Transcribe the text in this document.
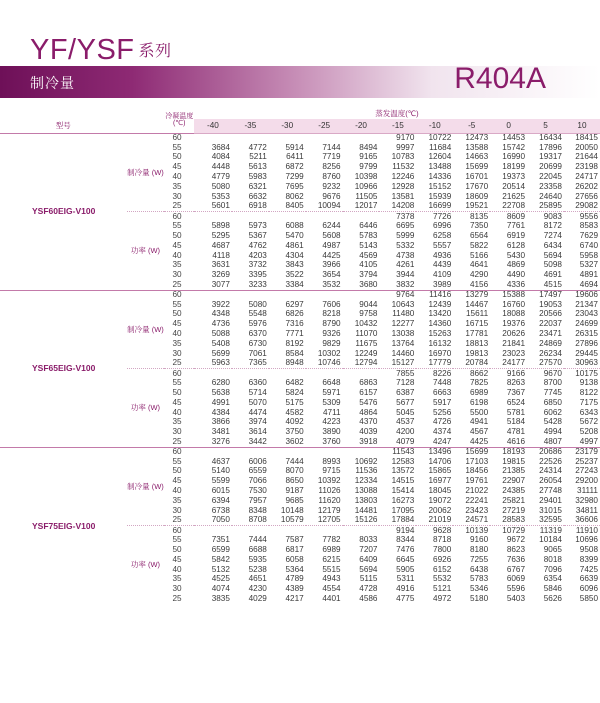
YF/YSF 系列
制冷量	R404A
		冷凝温度 (℃)	蒸发温度(℃)										
型号			-40	-35	-30	-25	-20	-15	-10	-5	0	5	10
YSF60EIG-V100	制冷量 (W)	60						9170	10722	12473	14453	16434	18415
		55	3684	4772	5914	7144	8494	9997	11684	13588	15742	17896	20050
		50	4084	5211	6411	7719	9165	10783	12604	14663	16990	19317	21644
		45	4448	5613	6872	8256	9799	11532	13488	15699	18199	20699	23198
		40	4779	5983	7299	8760	10398	12246	14336	16701	19373	22045	24717
		35	5080	6321	7695	9232	10966	12928	15152	17670	20514	23358	26202
		30	5353	6632	8062	9676	11505	13581	15939	18609	21625	24640	27656
		25	5601	6918	8405	10094	12017	14208	16699	19521	22708	25895	29082
	功率 (W)	60						7378	7726	8135	8609	9083	9556
		55	5898	5973	6088	6244	6446	6695	6996	7350	7761	8172	8583
		50	5295	5367	5470	5608	5783	5999	6258	6564	6919	7274	7629
		45	4687	4762	4861	4987	5143	5332	5557	5822	6128	6434	6740
		40	4118	4203	4304	4425	4569	4738	4936	5166	5430	5694	5958
		35	3631	3732	3843	3966	4105	4261	4439	4641	4869	5098	5327
		30	3269	3395	3522	3654	3794	3944	4109	4290	4490	4691	4891
		25	3077	3233	3384	3532	3680	3832	3989	4156	4336	4515	4694
YSF65EIG-V100	制冷量 (W)	60						9764	11416	13279	15388	17497	19606
		55	3922	5080	6297	7606	9044	10643	12439	14467	16760	19053	21347
		50	4348	5548	6826	8218	9758	11480	13420	15611	18088	20566	23043
		45	4736	5976	7316	8790	10432	12277	14360	16715	19376	22037	24699
		40	5088	6370	7771	9326	11070	13038	15263	17781	20626	23471	26315
		35	5408	6730	8192	9829	11675	13764	16132	18813	21841	24869	27896
		30	5699	7061	8584	10302	12249	14460	16970	19813	23023	26234	29445
		25	5963	7365	8948	10746	12794	15127	17779	20784	24177	27570	30963
	功率 (W)	60						7855	8226	8662	9166	9670	10175
		55	6280	6360	6482	6648	6863	7128	7448	7825	8263	8700	9138
		50	5638	5714	5824	5971	6157	6387	6663	6989	7367	7745	8122
		45	4991	5070	5175	5309	5476	5677	5917	6198	6524	6850	7175
		40	4384	4474	4582	4711	4864	5045	5256	5500	5781	6062	6343
		35	3866	3974	4092	4223	4370	4537	4726	4941	5184	5428	5672
		30	3481	3614	3750	3890	4039	4200	4374	4567	4781	4994	5208
		25	3276	3442	3602	3760	3918	4079	4247	4425	4616	4807	4997
YSF75EIG-V100	制冷量 (W)	60						11543	13496	15699	18193	20686	23179
		55	4637	6006	7444	8993	10692	12583	14706	17103	19815	22526	25237
		50	5140	6559	8070	9715	11536	13572	15865	18456	21385	24314	27243
		45	5599	7066	8650	10392	12334	14515	16977	19761	22907	26054	29200
		40	6015	7530	9187	11026	13088	15414	18045	21022	24385	27748	31111
		35	6394	7957	9685	11620	13803	16273	19072	22241	25821	29401	32980
		30	6738	8348	10148	12179	14481	17095	20062	23423	27219	31015	34811
		25	7050	8708	10579	12705	15126	17884	21019	24571	28583	32595	36606
	功率 (W)	60						9194	9628	10139	10729	11319	11910
		55	7351	7444	7587	7782	8033	8344	8718	9160	9672	10184	10696
		50	6599	6688	6817	6989	7207	7476	7800	8180	8623	9065	9508
		45	5842	5935	6058	6215	6409	6645	6926	7255	7636	8018	8399
		40	5132	5238	5364	5515	5694	5905	6152	6438	6767	7096	7425
		35	4525	4651	4789	4943	5115	5311	5532	5783	6069	6354	6639
		30	4074	4230	4389	4554	4728	4916	5121	5346	5596	5846	6096
		25	3835	4029	4217	4401	4586	4775	4972	5180	5403	5626	5850
